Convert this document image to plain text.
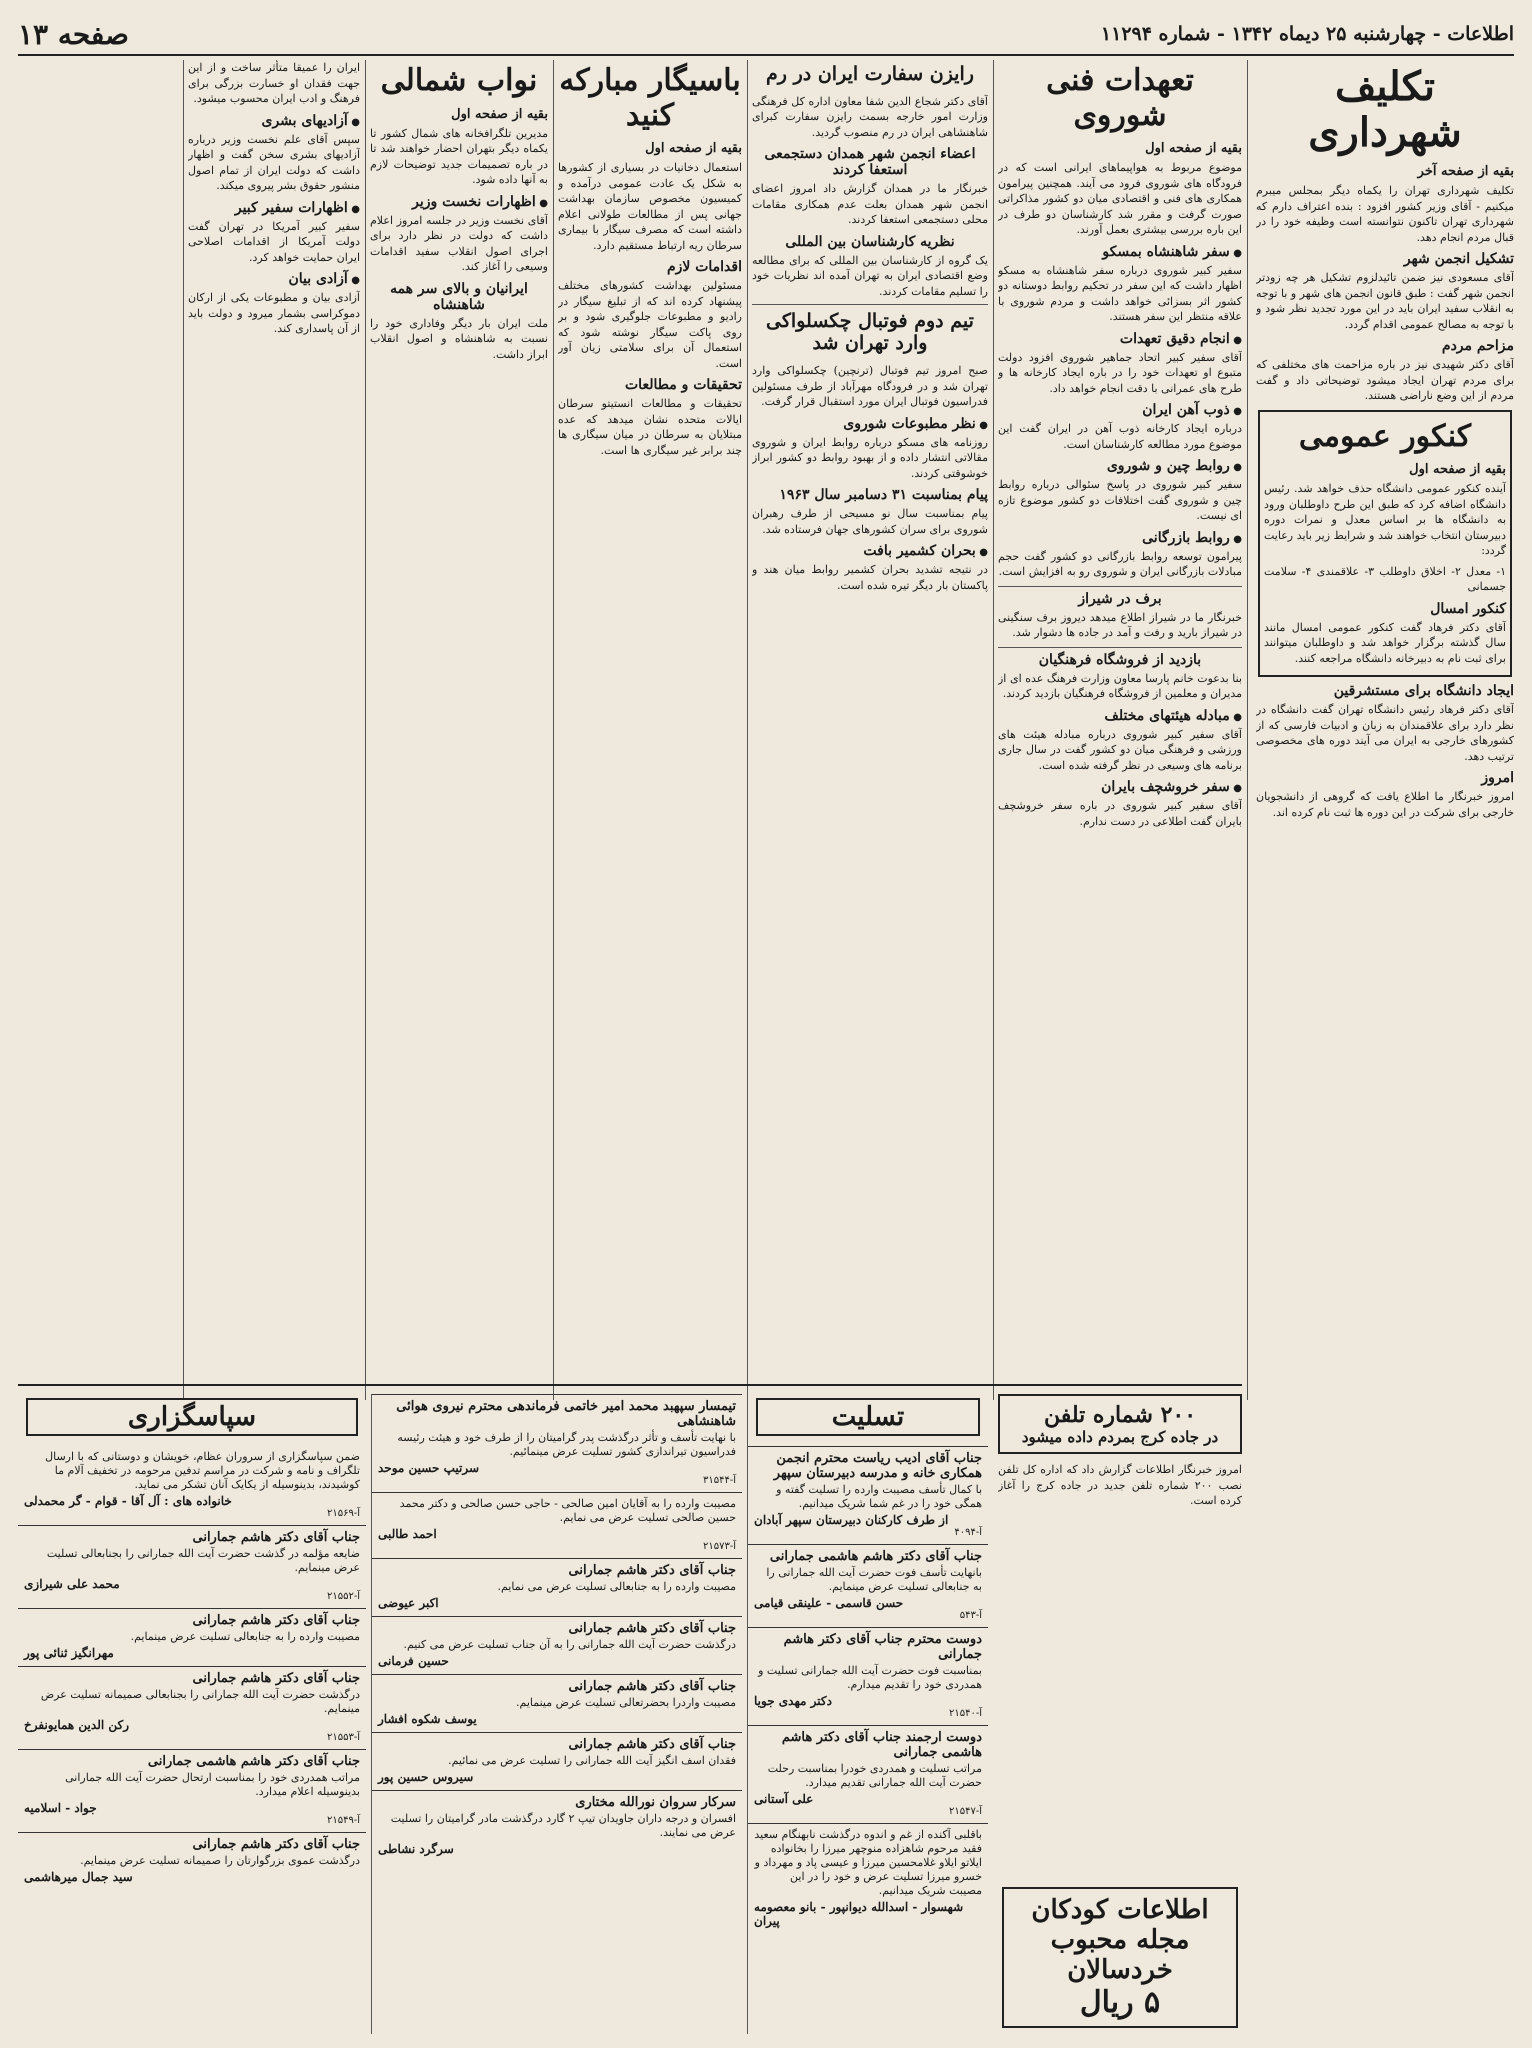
اطلاعات - چهارشنبه ۲۵ دیماه ۱۳۴۲ - شماره ۱۱۲۹۴
صفحه ۱۳
تکلیف شهرداری
بقیه از صفحه آخر

تکلیف شهرداری تهران را یکماه دیگر بمجلس میبرم میکنیم - آقای وزیر کشور افزود : بنده اعتراف دارم که شهرداری تهران تاکنون نتوانسته است وظیفه خود را در قبال مردم انجام دهد.

تشکیل انجمن شهر

آقای مسعودی نیز ضمن تائیدلزوم تشکیل هر چه زودتر انجمن شهر گفت : طبق قانون انجمن های شهر و با توجه به انقلاب سفید ایران باید در این مورد تجدید نظر شود و با توجه به مصالح عمومی اقدام گردد.

مزاحم مردم

آقای دکتر شهیدی نیز در باره مزاحمت های مختلفی که برای مردم تهران ایجاد میشود توضیحاتی داد و گفت مردم از این وضع ناراضی هستند.

کنکور عمومی
بقیه از صفحه اول

آینده کنکور عمومی دانشگاه حذف خواهد شد. رئیس دانشگاه اضافه کرد که طبق این طرح داوطلبان ورود به دانشگاه ها بر اساس معدل و نمرات دوره دبیرستان انتخاب خواهند شد و شرایط زیر باید رعایت گردد:

۱- معدل ۲- اخلاق داوطلب ۳- علاقمندی ۴- سلامت جسمانی

کنکور امسال

آقای دکتر فرهاد گفت کنکور عمومی امسال مانند سال گذشته برگزار خواهد شد و داوطلبان میتوانند برای ثبت نام به دبیرخانه دانشگاه مراجعه کنند.

ایجاد دانشگاه برای مستشرقین

آقای دکتر فرهاد رئیس دانشگاه تهران گفت دانشگاه در نظر دارد برای علاقمندان به زبان و ادبیات فارسی که از کشورهای خارجی به ایران می آیند دوره های مخصوصی ترتیب دهد.

امروز

امروز خبرنگار ما اطلاع یافت که گروهی از دانشجویان خارجی برای شرکت در این دوره ها ثبت نام کرده اند.

تعهدات فنی شوروی
بقیه از صفحه اول

موضوع مربوط به هواپیماهای ایرانی است که در فرودگاه های شوروی فرود می آیند. همچنین پیرامون همکاری های فنی و اقتصادی میان دو کشور مذاکراتی صورت گرفت و مقرر شد کارشناسان دو طرف در این باره بررسی بیشتری بعمل آورند.

● سفر شاهنشاه بمسکو

سفیر کبیر شوروی درباره سفر شاهنشاه به مسکو اظهار داشت که این سفر در تحکیم روابط دوستانه دو کشور اثر بسزائی خواهد داشت و مردم شوروی با علاقه منتظر این سفر هستند.

● انجام دقیق تعهدات

آقای سفیر کبیر اتحاد جماهیر شوروی افزود دولت متبوع او تعهدات خود را در باره ایجاد کارخانه ها و طرح های عمرانی با دقت انجام خواهد داد.

● ذوب آهن ایران

درباره ایجاد کارخانه ذوب آهن در ایران گفت این موضوع مورد مطالعه کارشناسان است.

● روابط چین و شوروی

سفیر کبیر شوروی در پاسخ سئوالی درباره روابط چین و شوروی گفت اختلافات دو کشور موضوع تازه ای نیست.

● روابط بازرگانی

پیرامون توسعه روابط بازرگانی دو کشور گفت حجم مبادلات بازرگانی ایران و شوروی رو به افزایش است.

برف در شیراز

خبرنگار ما در شیراز اطلاع میدهد دیروز برف سنگینی در شیراز بارید و رفت و آمد در جاده ها دشوار شد.

بازدید از فروشگاه فرهنگیان

بنا بدعوت خانم پارسا معاون وزارت فرهنگ عده ای از مدیران و معلمین از فروشگاه فرهنگیان بازدید کردند.

● مبادله هیئتهای مختلف

آقای سفیر کبیر شوروی درباره مبادله هیئت های ورزشی و فرهنگی میان دو کشور گفت در سال جاری برنامه های وسیعی در نظر گرفته شده است.

● سفر خروشچف بایران

آقای سفیر کبیر شوروی در باره سفر خروشچف بایران گفت اطلاعی در دست ندارم.

رایزن سفارت ایران در رم

آقای دکتر شجاع الدین شفا معاون اداره کل فرهنگی وزارت امور خارجه بسمت رایزن سفارت کبرای شاهنشاهی ایران در رم منصوب گردید.

اعضاء انجمن شهر همدان دستجمعی استعفا کردند

خبرنگار ما در همدان گزارش داد امروز اعضای انجمن شهر همدان بعلت عدم همکاری مقامات محلی دستجمعی استعفا کردند.

نظریه کارشناسان بین المللی

یک گروه از کارشناسان بین المللی که برای مطالعه وضع اقتصادی ایران به تهران آمده اند نظریات خود را تسلیم مقامات کردند.

تیم دوم فوتبال چکسلواکی وارد تهران شد

صبح امروز تیم فوتبال (ترنچین) چکسلواکی وارد تهران شد و در فرودگاه مهرآباد از طرف مسئولین فدراسیون فوتبال ایران مورد استقبال قرار گرفت.

● نظر مطبوعات شوروی

روزنامه های مسکو درباره روابط ایران و شوروی مقالاتی انتشار داده و از بهبود روابط دو کشور ابراز خوشوقتی کردند.

پیام بمناسبت ۳۱ دسامبر سال ۱۹۶۳

پیام بمناسبت سال نو مسیحی از طرف رهبران شوروی برای سران کشورهای جهان فرستاده شد.

● بحران کشمیر بافت

در نتیجه تشدید بحران کشمیر روابط میان هند و پاکستان بار دیگر تیره شده است.

باسیگار مبارکه کنید
بقیه از صفحه اول

استعمال دخانیات در بسیاری از کشورها به شکل یک عادت عمومی درآمده و کمیسیون مخصوص سازمان بهداشت جهانی پس از مطالعات طولانی اعلام داشته است که مصرف سیگار با بیماری سرطان ریه ارتباط مستقیم دارد.

اقدامات لازم

مسئولین بهداشت کشورهای مختلف پیشنهاد کرده اند که از تبلیغ سیگار در رادیو و مطبوعات جلوگیری شود و بر روی پاکت سیگار نوشته شود که استعمال آن برای سلامتی زیان آور است.

تحقیقات و مطالعات

تحقیقات و مطالعات انستیتو سرطان ایالات متحده نشان میدهد که عده مبتلایان به سرطان در میان سیگاری ها چند برابر غیر سیگاری ها است.

نواب شمالی
بقیه از صفحه اول

مدیرین تلگرافخانه های شمال کشور تا یکماه دیگر بتهران احضار خواهند شد تا در باره تصمیمات جدید توضیحات لازم به آنها داده شود.

● اظهارات نخست وزیر

آقای نخست وزیر در جلسه امروز اعلام داشت که دولت در نظر دارد برای اجرای اصول انقلاب سفید اقدامات وسیعی را آغاز کند.

ایرانیان و بالای سر همه شاهنشاه

ملت ایران بار دیگر وفاداری خود را نسبت به شاهنشاه و اصول انقلاب ابراز داشت.

ایران را عمیقا متأثر ساخت و از این جهت فقدان او خسارت بزرگی برای فرهنگ و ادب ایران محسوب میشود.

● آزادیهای بشری

سپس آقای علم نخست وزیر درباره آزادیهای بشری سخن گفت و اظهار داشت که دولت ایران از تمام اصول منشور حقوق بشر پیروی میکند.

● اظهارات سفیر کبیر

سفیر کبیر آمریکا در تهران گفت دولت آمریکا از اقدامات اصلاحی ایران حمایت خواهد کرد.

● آزادی بیان

آزادی بیان و مطبوعات یکی از ارکان دموکراسی بشمار میرود و دولت باید از آن پاسداری کند.

۲۰۰ شماره تلفن
در جاده کرج بمردم داده میشود

امروز خبرنگار اطلاعات گزارش داد که اداره کل تلفن نصب ۲۰۰ شماره تلفن جدید در جاده کرج را آغاز کرده است.

اطلاعات کودکان
مجله محبوب
خردسالان
۵ ریال
تسلیت
جناب آقای ادیب ریاست محترم انجمن همکاری خانه و مدرسه دبیرستان سپهر
با کمال تأسف مصیبت وارده را تسلیت گفته و همگی خود را در غم شما شریک میدانیم.
از طرف کارکنان دبیرستان سپهر آبادان
آ-۴۰۹۴
جناب آقای دکتر هاشم هاشمی جمارانی
بانهایت تأسف فوت حضرت آیت الله جمارانی را به جنابعالی تسلیت عرض مینمایم.
حسن قاسمی - علینقی قیامی
آ-۵۴۳
دوست محترم جناب آقای دکتر هاشم جمارانی
بمناسبت فوت حضرت آیت الله جمارانی تسلیت و همدردی خود را تقدیم میدارم.
دکتر مهدی جویا
آ-۲۱۵۴۰
دوست ارجمند جناب آقای دکتر هاشم هاشمی جمارانی
مراتب تسلیت و همدردی خودرا بمناسبت رحلت حضرت آیت الله جمارانی تقدیم میدارد.
علی آستانی
آ-۲۱۵۴۷
باقلبی آکنده از غم و اندوه درگذشت نابهنگام سعید فقید مرحوم شاهزاده منوچهر میرزا را بخانواده ایلاتو ایلاو غلامحسین میرزا و عیسی پاد و مهرداد و خسرو میرزا تسلیت عرض و خود را در این مصیبت شریک میدانیم.
شهسوار - اسدالله دیوانپور - بانو معصومه پیران
تیمسار سپهبد محمد امیر خاتمی فرماندهی محترم نیروی هوائی شاهنشاهی
با نهایت تأسف و تأثر درگذشت پدر گرامیتان را از طرف خود و هیئت رئیسه فدراسیون تیراندازی کشور تسلیت عرض مینمائیم.
سرتیپ حسین موحد
آ-۳۱۵۴۴
مصیبت وارده را به آقایان امین صالحی - حاجی حسن صالحی و دکتر محمد حسین صالحی تسلیت عرض می نمایم.
احمد طالبی
آ-۲۱۵۷۳
جناب آقای دکتر هاشم جمارانی
مصیبت وارده را به جنابعالی تسلیت عرض می نمایم.
اکبر عیوضی
جناب آقای دکتر هاشم جمارانی
درگذشت حضرت آیت الله جمارانی را به آن جناب تسلیت عرض می کنیم.
حسین فرمانی
جناب آقای دکتر هاشم جمارانی
مصیبت واردرا بحضرتعالی تسلیت عرض مینمایم.
یوسف شکوه افشار
جناب آقای دکتر هاشم جمارانی
فقدان اسف انگیز آیت الله جمارانی را تسلیت عرض می نمائیم.
سیروس حسین پور
سرکار سروان نورالله مختاری
افسران و درجه داران جاویدان تیپ ۲ گارد درگذشت مادر گرامیتان را تسلیت عرض می نمایند.
سرگرد نشاطی
سپاسگزاری
ضمن سپاسگزاری از سروران عظام، خویشان و دوستانی که با ارسال تلگراف و نامه و شرکت در مراسم تدفین مرحومه در تخفیف آلام ما کوشیدند، بدینوسیله از یکایک آنان تشکر می نماید.
خانواده های : آل آقا - قوام - گر محمدلی
آ-۲۱۵۶۹
جناب آقای دکتر هاشم جمارانی
ضایعه مؤلمه در گذشت حضرت آیت الله جمارانی را بجنابعالی تسلیت عرض مینمایم.
محمد علی شیرازی
آ-۲۱۵۵۲
جناب آقای دکتر هاشم جمارانی
مصیبت وارده را به جنابعالی تسلیت عرض مینمایم.
مهرانگیز ثنائی پور
جناب آقای دکتر هاشم جمارانی
درگذشت حضرت آیت الله جمارانی را بجنابعالی صمیمانه تسلیت عرض مینمایم.
رکن الدین همایونفرخ
آ-۲۱۵۵۳
جناب آقای دکتر هاشم هاشمی جمارانی
مراتب همدردی خود را بمناسبت ارتحال حضرت آیت الله جمارانی بدینوسیله اعلام میدارد.
جواد - اسلامیه
آ-۲۱۵۴۹
جناب آقای دکتر هاشم جمارانی
درگذشت عموی بزرگوارتان را صمیمانه تسلیت عرض مینمایم.
سید جمال میرهاشمی
